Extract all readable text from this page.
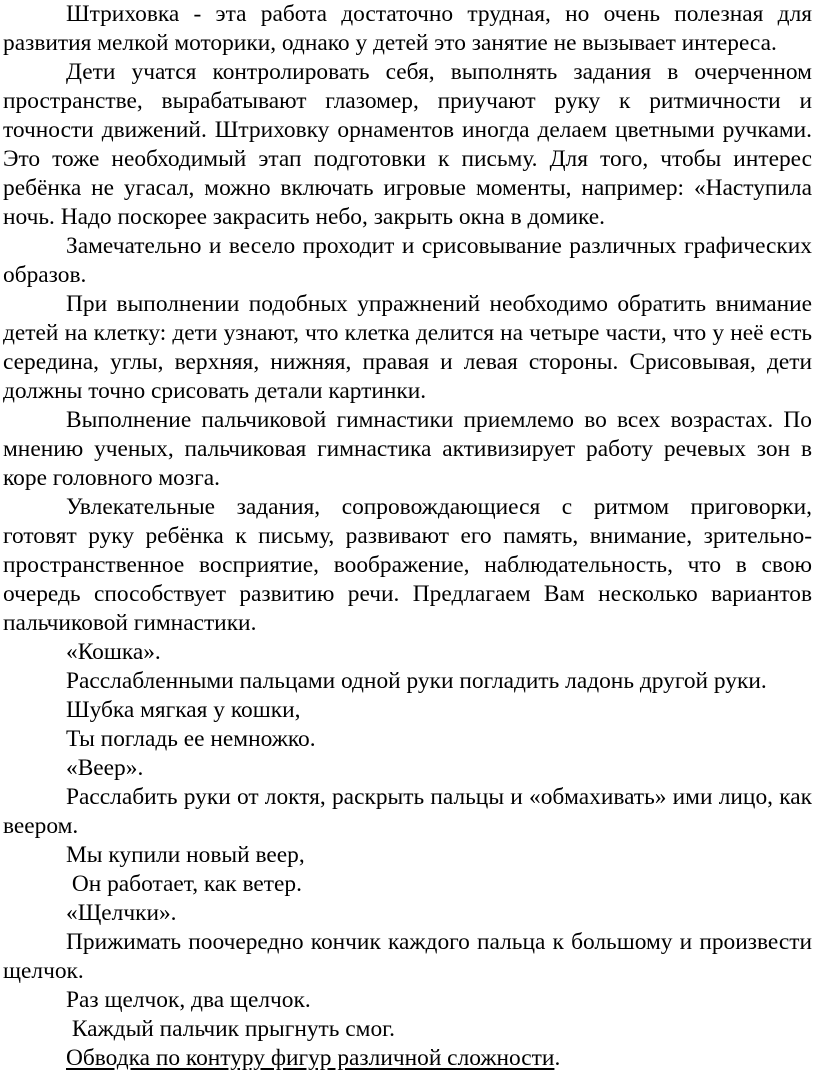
Штриховка - эта работа достаточно трудная, но очень полезная для развития мелкой моторики, однако у детей это занятие не вызывает интереса.

Дети учатся контролировать себя, выполнять задания в очерченном пространстве, вырабатывают глазомер, приучают руку к ритмичности и точности движений. Штриховку орнаментов иногда делаем цветными ручками. Это тоже необходимый этап подготовки к письму. Для того, чтобы интерес ребёнка не угасал, можно включать игровые моменты, например: «Наступила ночь. Надо поскорее закрасить небо, закрыть окна в домике.

Замечательно и весело проходит и срисовывание различных графических образов.

При выполнении подобных упражнений необходимо обратить внимание детей на клетку: дети узнают, что клетка делится на четыре части, что у неё есть середина, углы, верхняя, нижняя, правая и левая стороны. Срисовывая, дети должны точно срисовать детали картинки.

Выполнение пальчиковой гимнастики приемлемо во всех возрастах. По мнению ученых, пальчиковая гимнастика активизирует работу речевых зон в коре головного мозга.

Увлекательные задания, сопровождающиеся с ритмом приговорки, готовят руку ребёнка к письму, развивают его память, внимание, зрительно-пространственное восприятие, воображение, наблюдательность, что в свою очередь способствует развитию речи. Предлагаем Вам несколько вариантов пальчиковой гимнастики.

«Кошка».

Расслабленными пальцами одной руки погладить ладонь другой руки.

Шубка мягкая у кошки,

Ты погладь ее немножко.

«Веер».

Расслабить руки от локтя, раскрыть пальцы и «обмахивать» ими лицо, как веером.

Мы купили новый веер,

Он работает, как ветер.

«Щелчки».

Прижимать поочередно кончик каждого пальца к большому и произвести щелчок.

Раз щелчок, два щелчок.

Каждый пальчик прыгнуть смог.

Обводка по контуру фигур различной сложности.
